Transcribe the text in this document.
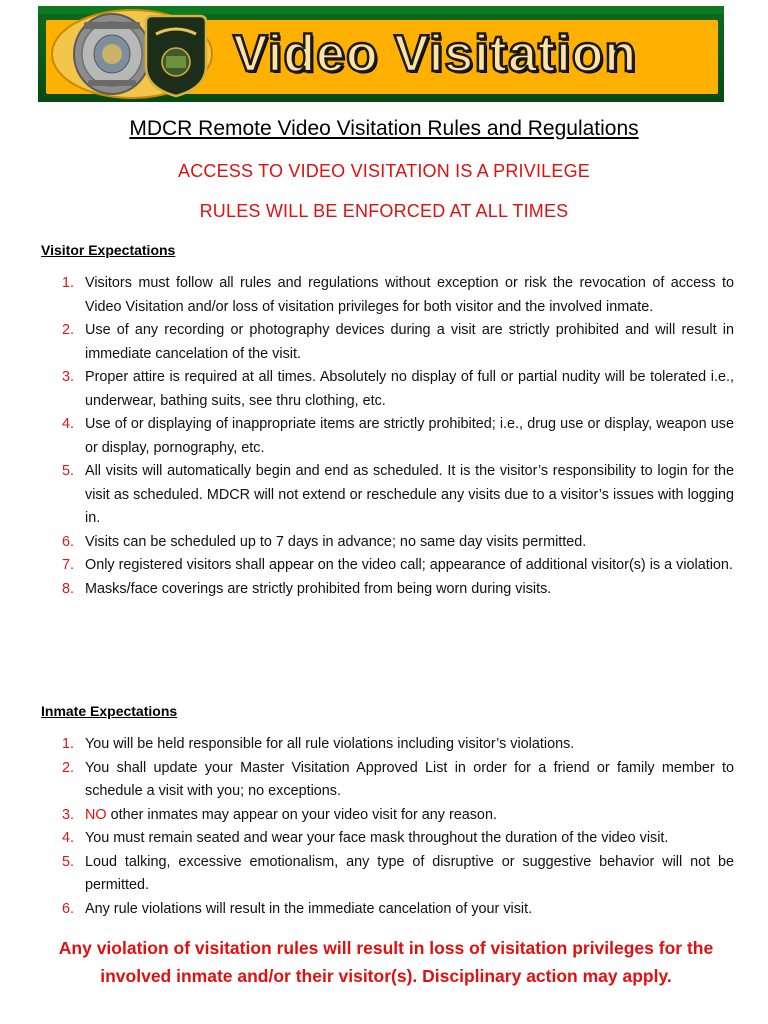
Video Visitation
MDCR Remote Video Visitation Rules and Regulations
ACCESS TO VIDEO VISITATION IS A PRIVILEGE
RULES WILL BE ENFORCED AT ALL TIMES
Visitor Expectations
1. Visitors must follow all rules and regulations without exception or risk the revocation of access to Video Visitation and/or loss of visitation privileges for both visitor and the involved inmate.
2. Use of any recording or photography devices during a visit are strictly prohibited and will result in immediate cancelation of the visit.
3. Proper attire is required at all times. Absolutely no display of full or partial nudity will be tolerated i.e., underwear, bathing suits, see thru clothing, etc.
4. Use of or displaying of inappropriate items are strictly prohibited; i.e., drug use or display, weapon use or display, pornography, etc.
5. All visits will automatically begin and end as scheduled. It is the visitor’s responsibility to login for the visit as scheduled. MDCR will not extend or reschedule any visits due to a visitor’s issues with logging in.
6. Visits can be scheduled up to 7 days in advance; no same day visits permitted.
7. Only registered visitors shall appear on the video call; appearance of additional visitor(s) is a violation.
8. Masks/face coverings are strictly prohibited from being worn during visits.
Inmate Expectations
1. You will be held responsible for all rule violations including visitor’s violations.
2. You shall update your Master Visitation Approved List in order for a friend or family member to schedule a visit with you; no exceptions.
3. NO other inmates may appear on your video visit for any reason.
4. You must remain seated and wear your face mask throughout the duration of the video visit.
5. Loud talking, excessive emotionalism, any type of disruptive or suggestive behavior will not be permitted.
6. Any rule violations will result in the immediate cancelation of your visit.
Any violation of visitation rules will result in loss of visitation privileges for the involved inmate and/or their visitor(s). Disciplinary action may apply.
